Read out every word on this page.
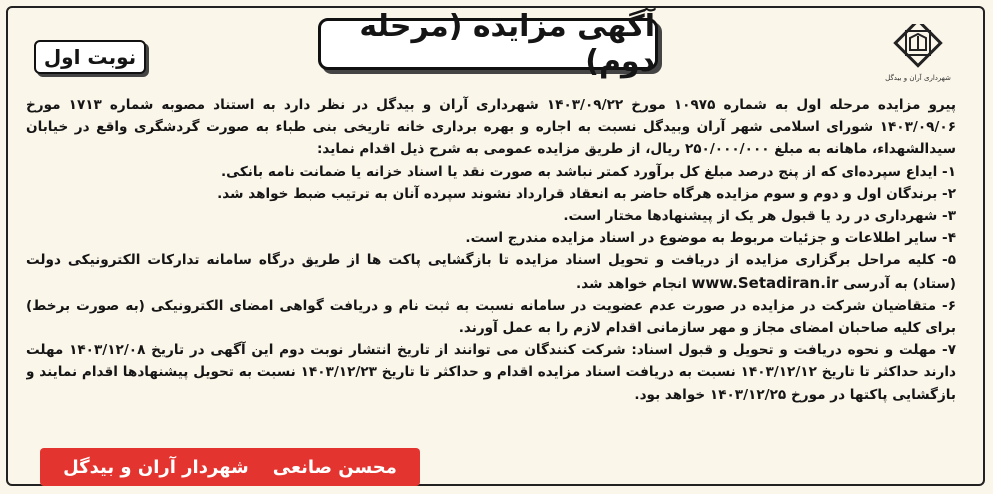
آگهی مزایده (مرحله دوم)
نوبت اول
شهرداری آران و بیدگل

پیرو مزایده مرحله اول به شماره ۱۰۹۷۵ مورخ ۱۴۰۳/۰۹/۲۲ شهرداری آران و بیدگل در نظر دارد به استناد مصوبه شماره ۱۷۱۳ مورخ ۱۴۰۳/۰۹/۰۶ شورای اسلامی شهر آران وبیدگل نسبت به اجاره و بهره برداری خانه تاریخی بنی طباء به صورت گردشگری واقع در خیابان سیدالشهداء، ماهانه به مبلغ ۲۵۰/۰۰۰/۰۰۰ ریال، از طریق مزایده عمومی به شرح ذیل اقدام نماید:

۱- ایداع سپرده‌ای که از پنج درصد مبلغ کل برآورد کمتر نباشد به صورت نقد یا اسناد خزانه یا ضمانت نامه بانکی.

۲- برندگان اول و دوم و سوم مزایده هرگاه حاضر به انعقاد قرارداد نشوند سپرده آنان به ترتیب ضبط خواهد شد.

۳- شهرداری در رد یا قبول هر یک از پیشنهادها مختار است.

۴- سایر اطلاعات و جزئیات مربوط به موضوع در اسناد مزایده مندرج است.

۵- کلیه مراحل برگزاری مزایده از دریافت و تحویل اسناد مزایده تا بازگشایی پاکت ها از طریق درگاه سامانه تدارکات الکترونیکی دولت (ستاد) به آدرسی www.Setadiran.ir انجام خواهد شد.

۶- متقاضیان شرکت در مزایده در صورت عدم عضویت در سامانه نسبت به ثبت نام و دریافت گواهی امضای الکترونیکی (به صورت برخط) برای کلیه صاحبان امضای مجاز و مهر سازمانی اقدام لازم را به عمل آورند.

۷- مهلت و نحوه دریافت و تحویل و قبول اسناد: شرکت کنندگان می توانند از تاریخ انتشار نوبت دوم این آگهی در تاریخ ۱۴۰۳/۱۲/۰۸ مهلت دارند حداکثر تا تاریخ ۱۴۰۳/۱۲/۱۲ نسبت به دریافت اسناد مزایده اقدام و حداکثر تا تاریخ ۱۴۰۳/۱۲/۲۳ نسبت به تحویل پیشنهادها اقدام نمایند و بازگشایی پاکتها در مورخ ۱۴۰۳/۱۲/۲۵ خواهد بود.

محسن صانعی
شهردار آران و بیدگل
